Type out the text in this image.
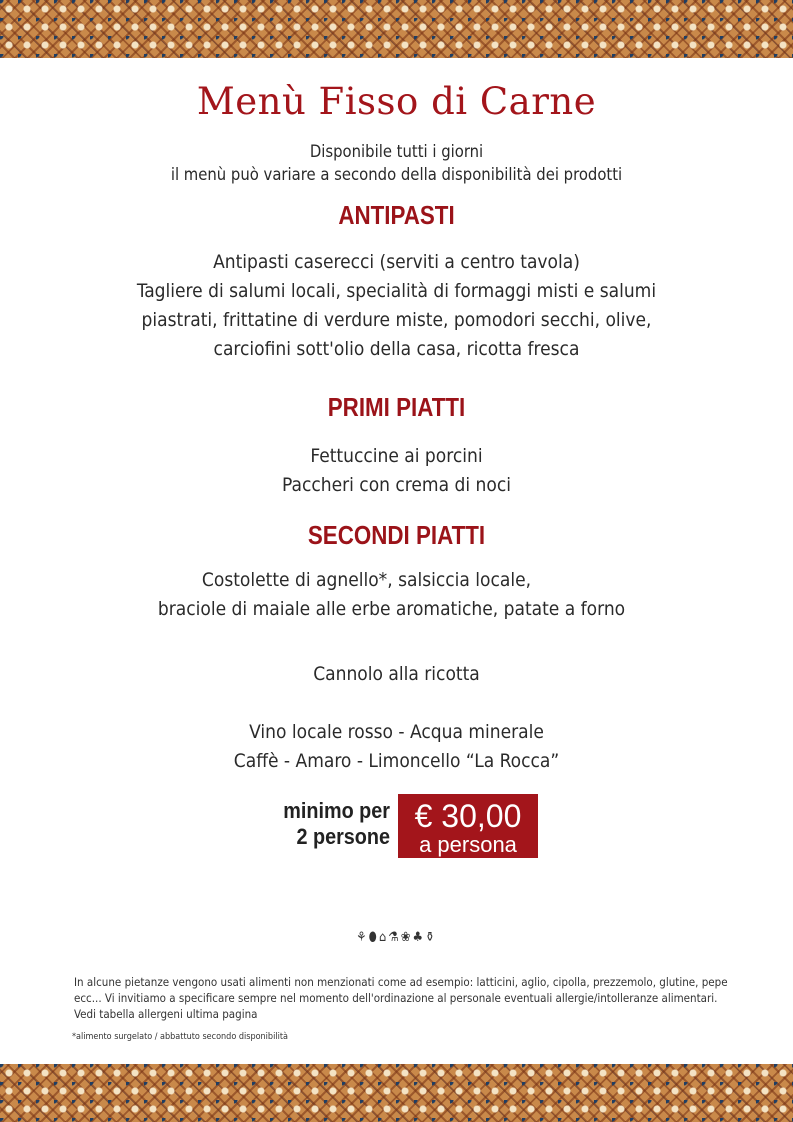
Menù Fisso di Carne
Disponibile tutti i giorni
il menù può variare a secondo della disponibilità dei prodotti
ANTIPASTI
Antipasti caserecci (serviti a centro tavola)
Tagliere di salumi locali, specialità di formaggi misti e salumi
piastrati, frittatine di verdure miste, pomodori secchi, olive,
carciofini sott'olio della casa, ricotta fresca
PRIMI PIATTI
Fettuccine ai porcini
Paccheri con crema di noci
SECONDI PIATTI
Costolette di agnello*, salsiccia locale,
braciole di maiale alle erbe aromatiche, patate a forno
Cannolo alla ricotta
Vino locale rosso - Acqua minerale
Caffè - Amaro - Limoncello “La Rocca”
minimo per
2 persone
€ 30,00
a persona
⚘⬮⌂⚗❀♣⚱
In alcune pietanze vengono usati alimenti non menzionati come ad esempio: latticini, aglio, cipolla, prezzemolo, glutine, pepe ecc... Vi invitiamo a specificare sempre nel momento dell'ordinazione al personale eventuali allergie/intolleranze alimentari. Vedi tabella allergeni ultima pagina
*alimento surgelato / abbattuto secondo disponibilità
